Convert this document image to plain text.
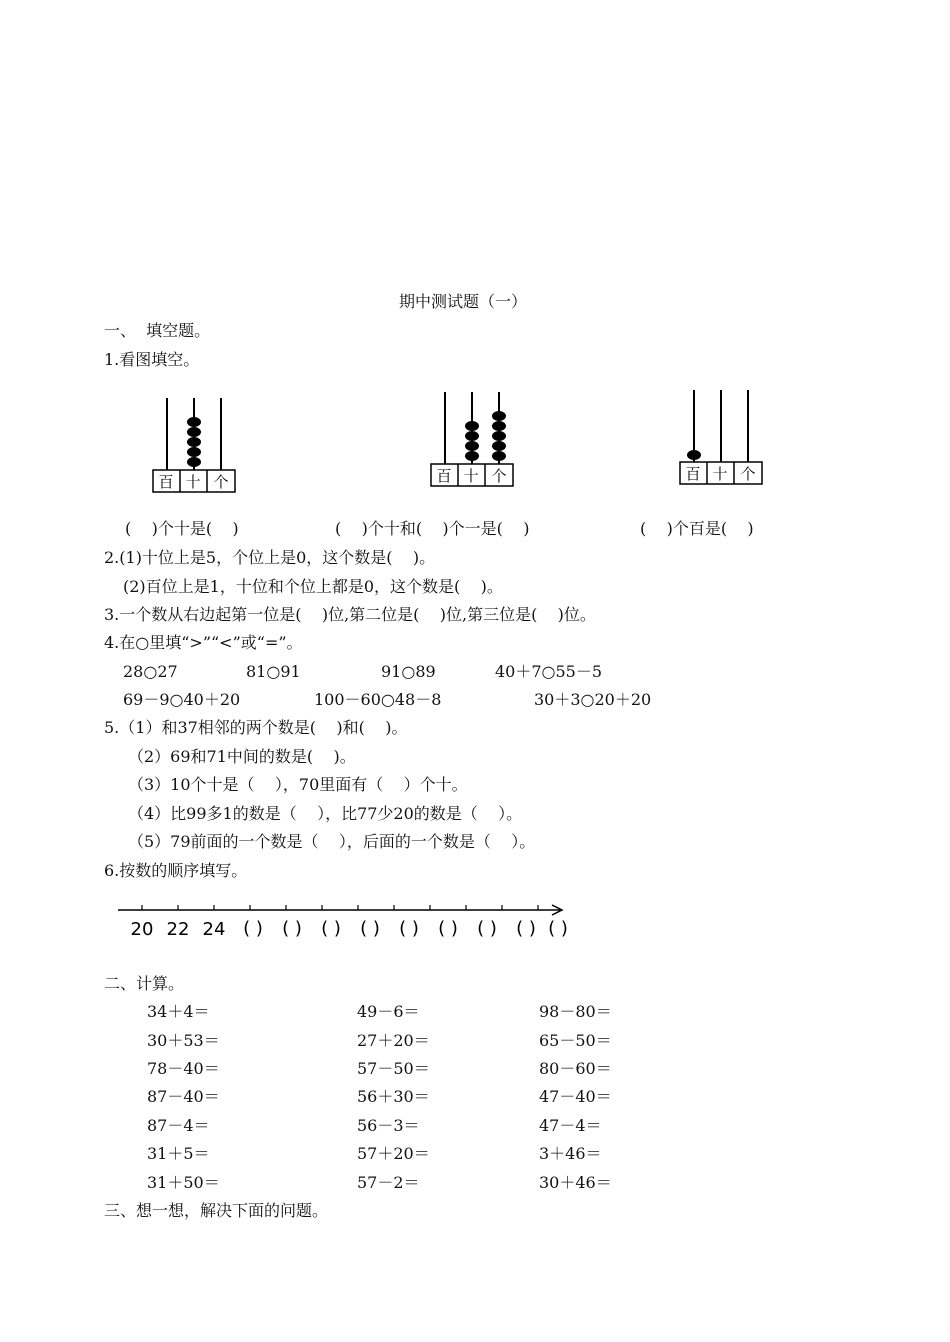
期中测试题（一）
一、  填空题。
1.看图填空。
百 十 个	百 十 个	百 十 个
(    )个十是(    )	(    )个十和(    )个一是(    )	(    )个百是(    )
2.(1)十位上是5，个位上是0，这个数是(    )。
(2)百位上是1，十位和个位上都是0，这个数是(    )。
3.一个数从右边起第一位是(    )位,第二位是(    )位,第三位是(    )位。
4.在○里填“>”“<”或“=”。
28○27	81○91	91○89	40＋7○55－5
69－9○40＋20	100－60○48－8	30＋3○20＋20
5.（1）和37相邻的两个数是(    )和(    )。
（2）69和71中间的数是(    )。
（3）10个十是（    ），70里面有（    ）个十。
（4）比99多1的数是（    ），比77少20的数是（    ）。
（5）79前面的一个数是（    ），后面的一个数是（    ）。
6.按数的顺序填写。
20 22 24 ( ) ( ) ( ) ( ) ( ) ( ) ( ) ( ) ( )
二、计算。
34＋4＝	49－6＝	98－80＝
30＋53＝	27＋20＝	65－50＝
78－40＝	57－50＝	80－60＝
87－40＝	56＋30＝	47－40＝
87－4＝	56－3＝	47－4＝
31＋5＝	57＋20＝	3＋46＝
31＋50＝	57－2＝	30＋46＝
三、想一想，解决下面的问题。
